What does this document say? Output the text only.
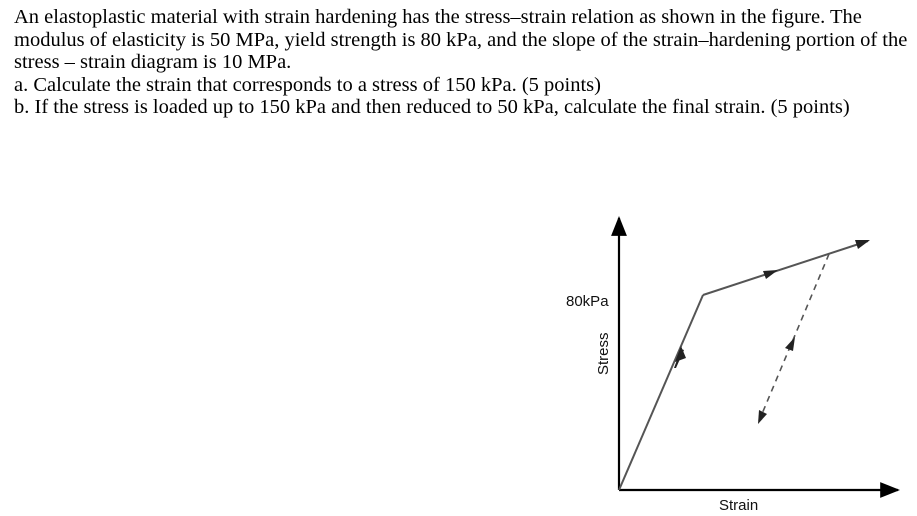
An elastoplastic material with strain hardening has the stress–strain relation as shown in the figure. The modulus of elasticity is 50 MPa, yield strength is 80 kPa, and the slope of the strain–hardening portion of the stress – strain diagram is 10 MPa.

a. Calculate the strain that corresponds to a stress of 150 kPa. (5 points)

b. If the stress is loaded up to 150 kPa and then reduced to 50 kPa, calculate the final strain. (5 points)

80kPa
Stress
Strain
